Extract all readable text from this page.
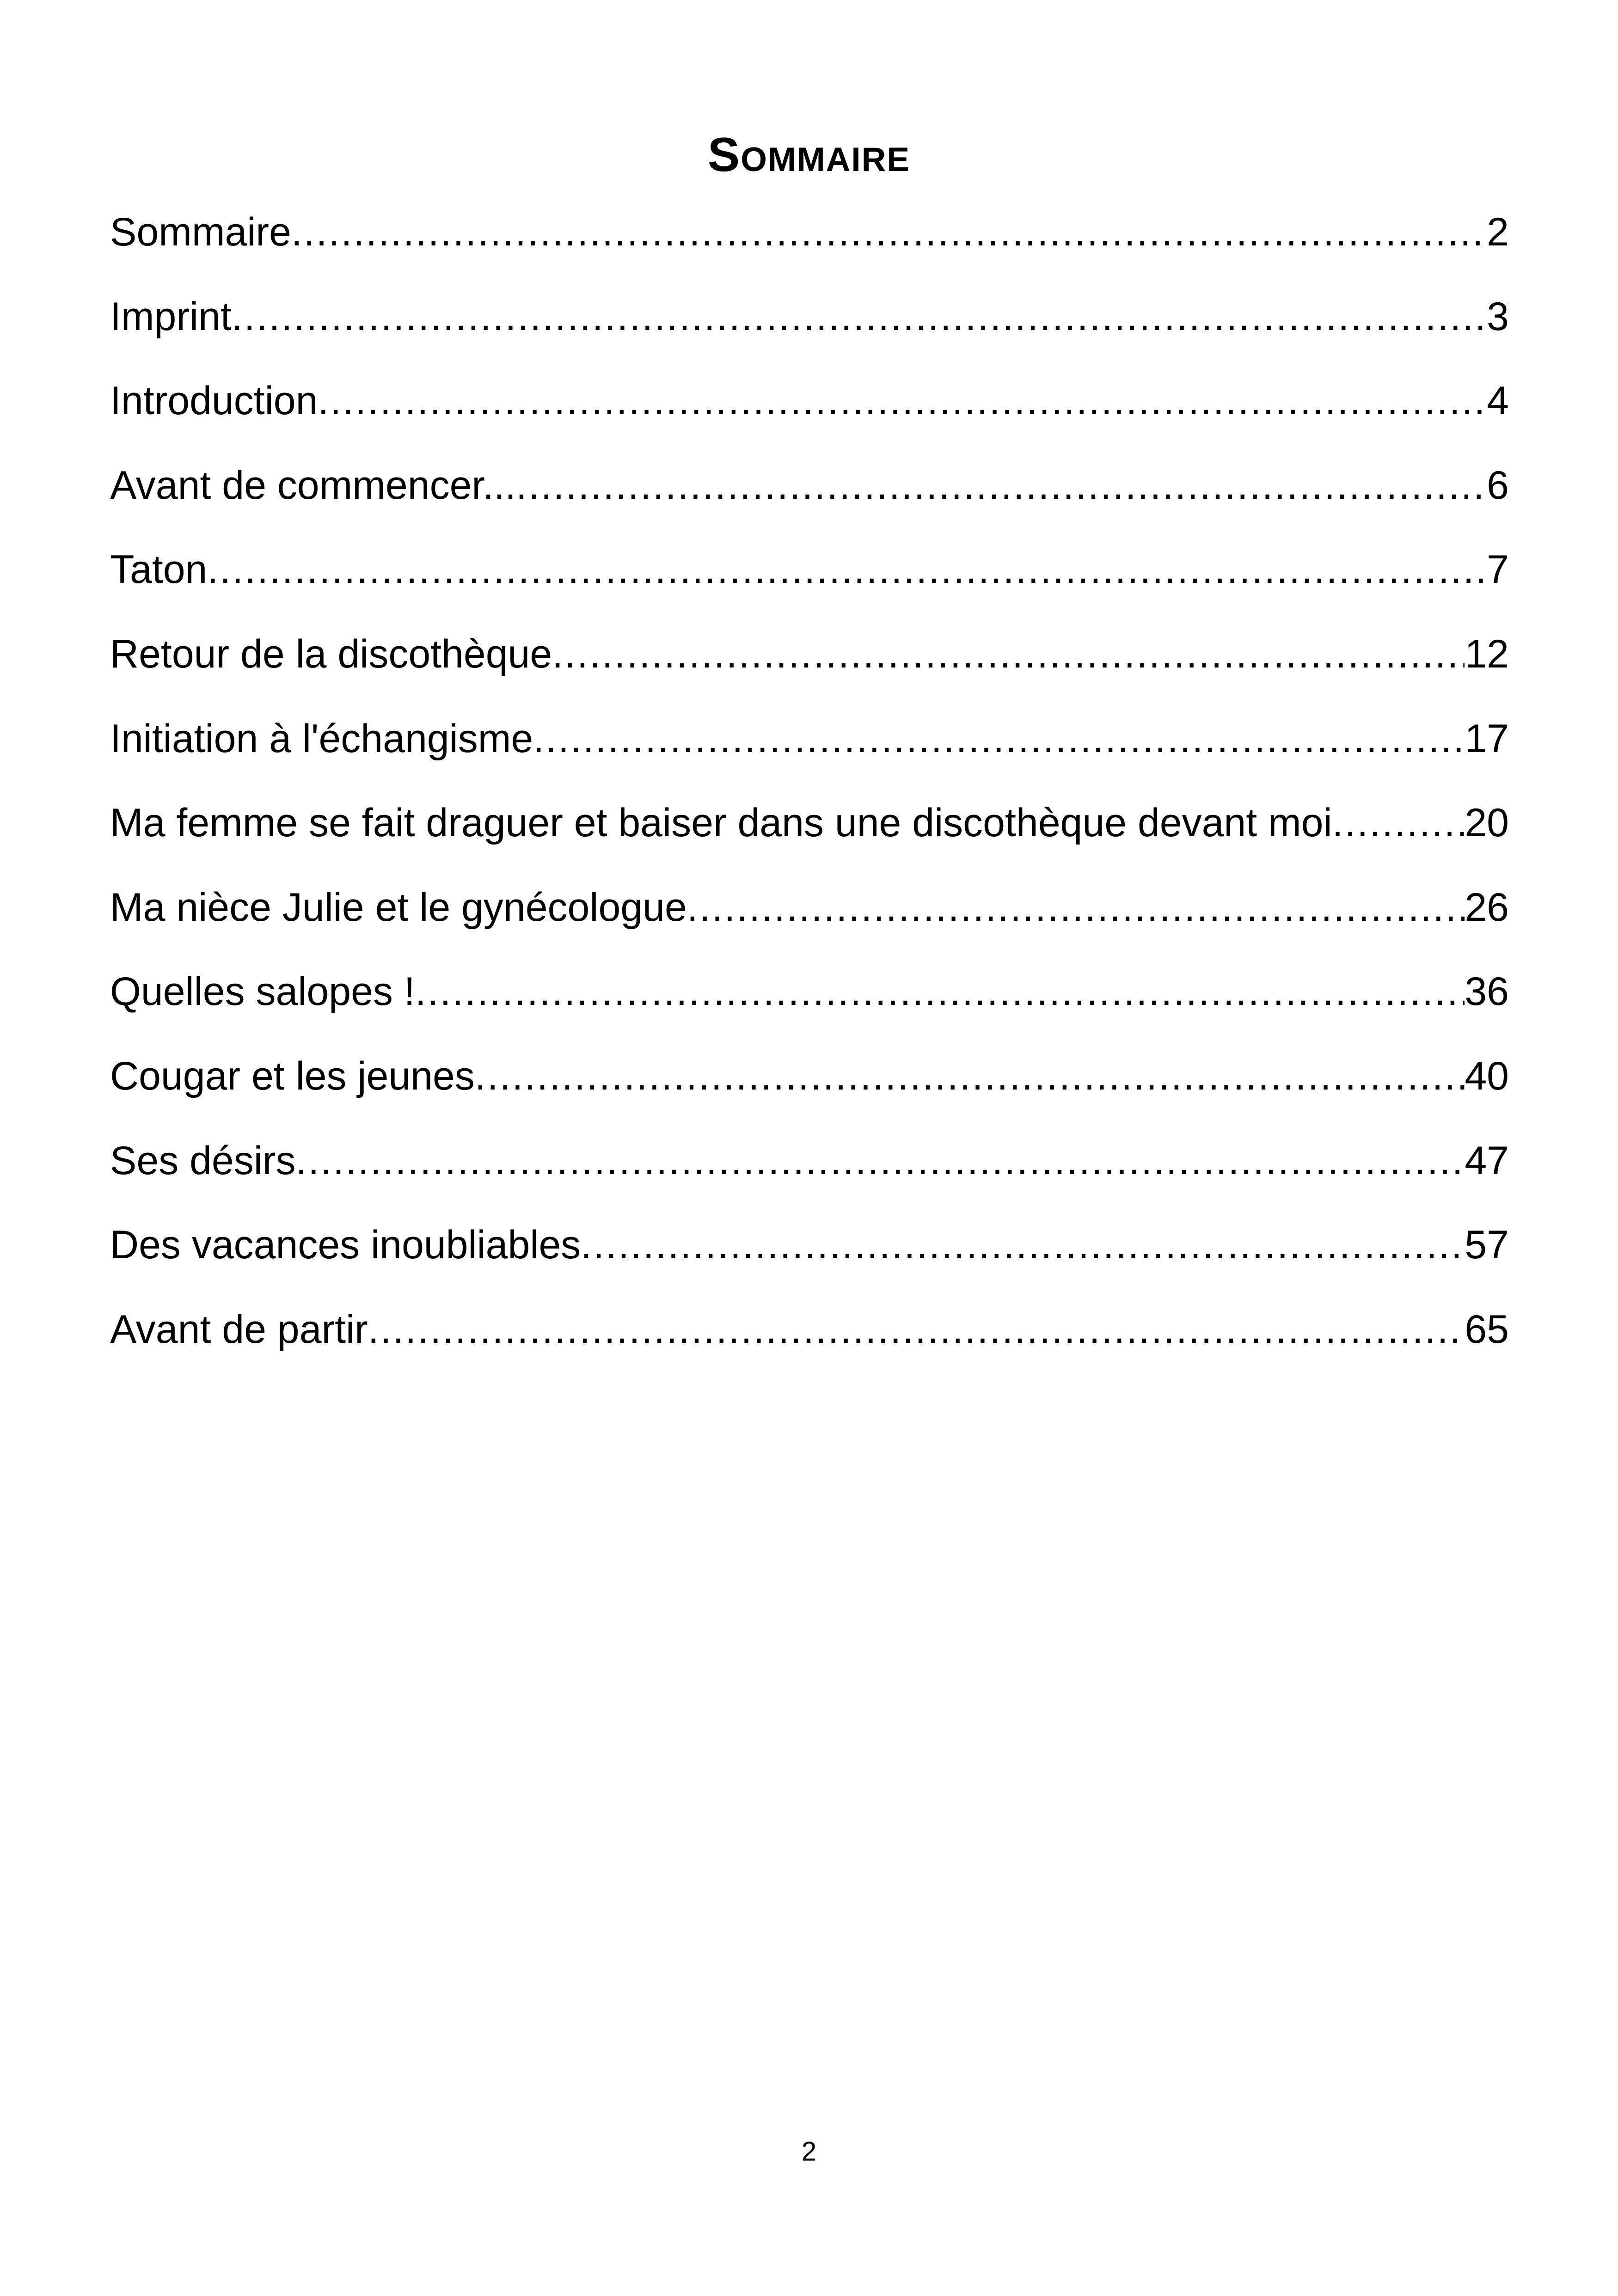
Sommaire
Sommaire .....	2
Imprint .....	3
Introduction .....	4
Avant de commencer... .....	6
Taton .....	7
Retour de la discothèque .....	12
Initiation à l'échangisme .....	17
Ma femme se fait draguer et baiser dans une discothèque devant moi .....	20
Ma nièce Julie et le gynécologue .....	26
Quelles salopes ! .....	36
Cougar et les jeunes .....	40
Ses désirs .....	47
Des vacances inoubliables .....	57
Avant de partir .....	65
2
